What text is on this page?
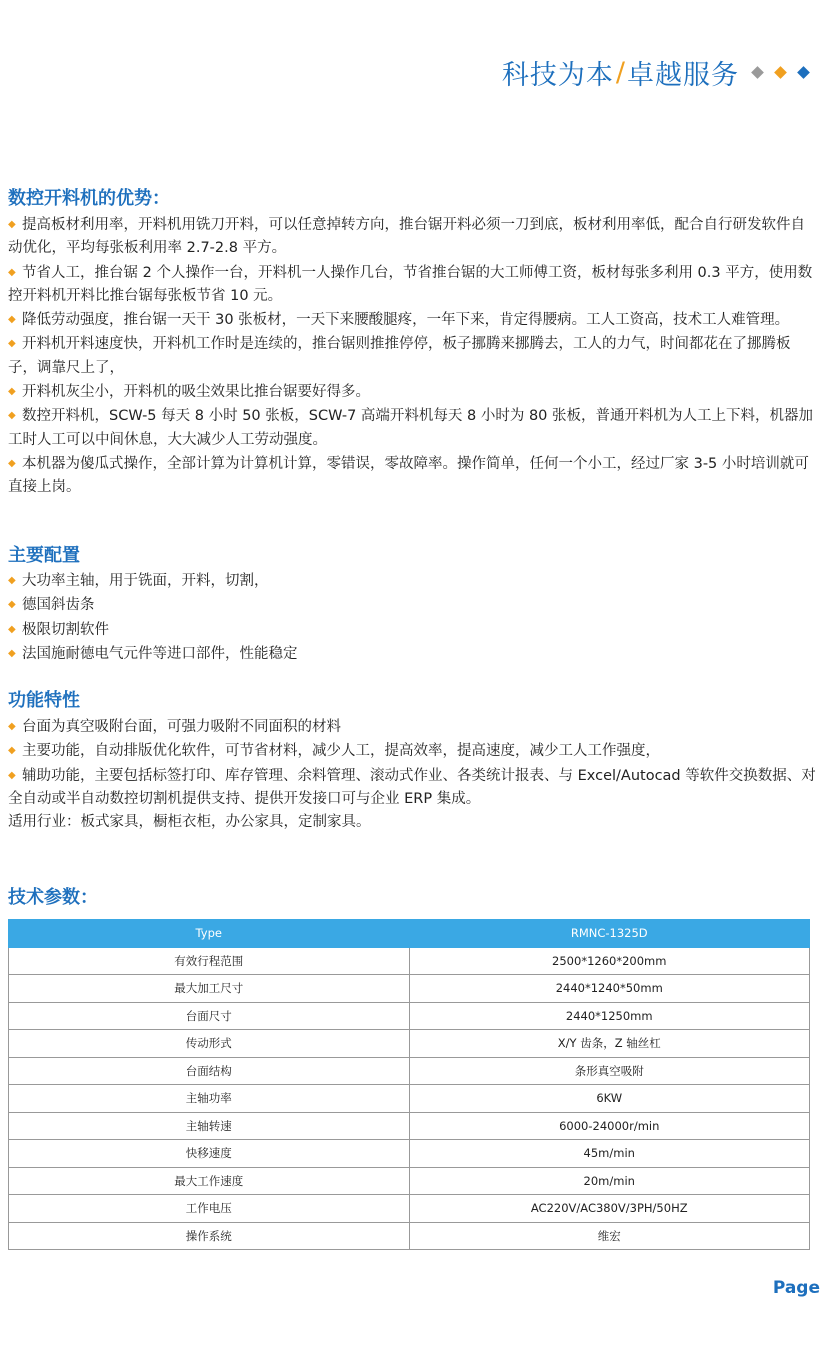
科技为本 / 卓越服务
数控开料机的优势：
◆ 提高板材利用率，开料机用铣刀开料，可以任意掉转方向，推台锯开料必须一刀到底，板材利用率低，配合自行研发软件自动优化，平均每张板利用率 2.7-2.8 平方。
◆ 节省人工，推台锯 2 个人操作一台，开料机一人操作几台，节省推台锯的大工师傅工资，板材每张多利用 0.3 平方，使用数控开料机开料比推台锯每张板节省 10 元。
◆ 降低劳动强度，推台锯一天干 30 张板材，一天下来腰酸腿疼，一年下来，肯定得腰病。工人工资高，技术工人难管理。
◆ 开料机开料速度快，开料机工作时是连续的，推台锯则推推停停，板子挪腾来挪腾去，工人的力气，时间都花在了挪腾板子，调靠尺上了，
◆ 开料机灰尘小，开料机的吸尘效果比推台锯要好得多。
◆ 数控开料机，SCW-5 每天 8 小时 50 张板，SCW-7 高端开料机每天 8 小时为 80 张板，普通开料机为人工上下料，机器加工时人工可以中间休息，大大减少人工劳动强度。
◆ 本机器为傻瓜式操作，全部计算为计算机计算，零错误，零故障率。操作简单，任何一个小工，经过厂家 3-5 小时培训就可直接上岗。
主要配置
◆ 大功率主轴，用于铣面，开料，切割，
◆ 德国斜齿条
◆ 极限切割软件
◆ 法国施耐德电气元件等进口部件，性能稳定
功能特性
◆ 台面为真空吸附台面，可强力吸附不同面积的材料
◆ 主要功能，自动排版优化软件，可节省材料，减少人工，提高效率，提高速度，减少工人工作强度，
◆ 辅助功能，主要包括标签打印、库存管理、余料管理、滚动式作业、各类统计报表、与 Excel/Autocad 等软件交换数据、对全自动或半自动数控切割机提供支持、提供开发接口可与企业 ERP 集成。
适用行业：板式家具，橱柜衣柜，办公家具，定制家具。
技术参数：
Type	RMNC-1325D
有效行程范围	2500*1260*200mm
最大加工尺寸	2440*1240*50mm
台面尺寸	2440*1250mm
传动形式	X/Y 齿条，Z 轴丝杠
台面结构	条形真空吸附
主轴功率	6KW
主轴转速	6000-24000r/min
快移速度	45m/min
最大工作速度	20m/min
工作电压	AC220V/AC380V/3PH/50HZ
操作系统	维宏
Page
